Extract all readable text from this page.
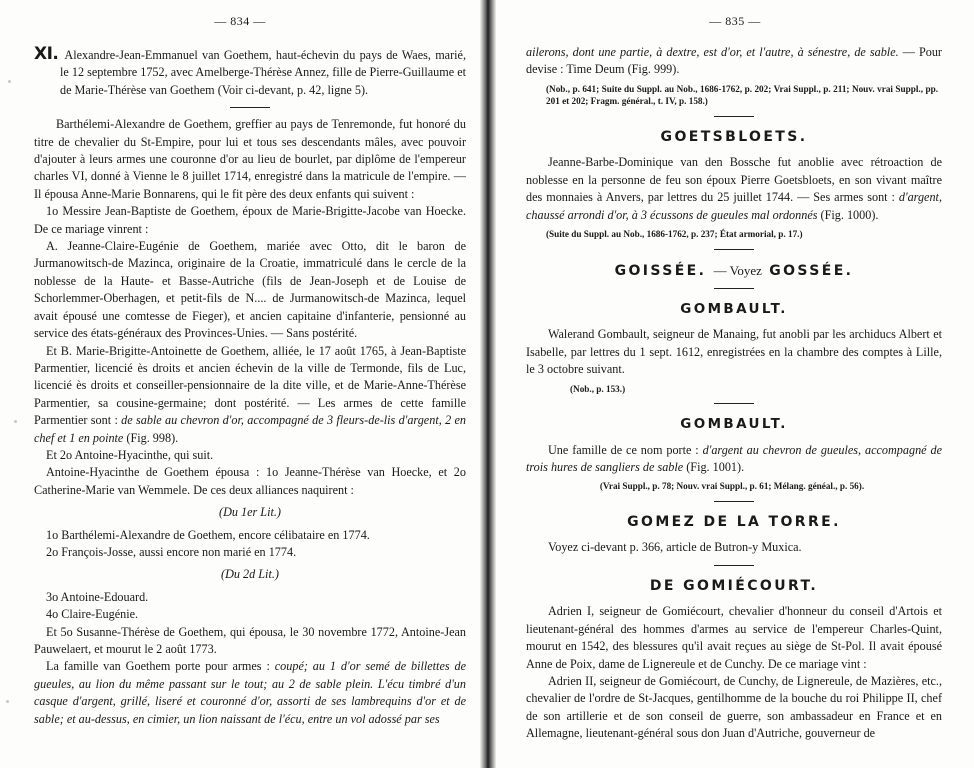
— 834 —

XI. Alexandre-Jean-Emmanuel van Goethem, haut-échevin du pays de Waes, marié, le 12 septembre 1752, avec Amelberge-Thérèse Annez, fille de Pierre-Guillaume et de Marie-Thérèse van Goethem (Voir ci-devant, p. 42, ligne 5).

Barthélemi-Alexandre de Goethem, greffier au pays de Tenremonde, fut honoré du titre de chevalier du St-Empire, pour lui et tous ses descendants mâles, avec pouvoir d'ajouter à leurs armes une couronne d'or au lieu de bourlet, par diplôme de l'empereur charles VI, donné à Vienne le 8 juillet 1714, enregistré dans la matricule de l'empire. — Il épousa Anne-Marie Bonnarens, qui le fit père des deux enfants qui suivent :

1o Messire Jean-Baptiste de Goethem, époux de Marie-Brigitte-Jacobe van Hoecke. De ce mariage vinrent :

A. Jeanne-Claire-Eugénie de Goethem, mariée avec Otto, dit le baron de Jurmanowitsch-de Mazinca, originaire de la Croatie, immatriculé dans le cercle de la noblesse de la Haute- et Basse-Autriche (fils de Jean-Joseph et de Louise de Schorlemmer-Oberhagen, et petit-fils de N.... de Jurmanowitsch-de Mazinca, lequel avait épousé une comtesse de Fieger), et ancien capitaine d'infanterie, pensionné au service des états-généraux des Provinces-Unies. — Sans postérité.

Et B. Marie-Brigitte-Antoinette de Goethem, alliée, le 17 août 1765, à Jean-Baptiste Parmentier, licencié ès droits et ancien échevin de la ville de Termonde, fils de Luc, licencié ès droits et conseiller-pensionnaire de la dite ville, et de Marie-Anne-Thérèse Parmentier, sa cousine-germaine; dont postérité. — Les armes de cette famille Parmentier sont : de sable au chevron d'or, accompagné de 3 fleurs-de-lis d'argent, 2 en chef et 1 en pointe (Fig. 998).

Et 2o Antoine-Hyacinthe, qui suit.

Antoine-Hyacinthe de Goethem épousa : 1o Jeanne-Thérèse van Hoecke, et 2o Catherine-Marie van Wemmele. De ces deux alliances naquirent :

(Du 1er Lit.)

1o Barthélemi-Alexandre de Goethem, encore célibataire en 1774.

2o François-Josse, aussi encore non marié en 1774.

(Du 2d Lit.)

3o Antoine-Edouard.

4o Claire-Eugénie.

Et 5o Susanne-Thérèse de Goethem, qui épousa, le 30 novembre 1772, Antoine-Jean Pauwelaert, et mourut le 2 août 1773.

La famille van Goethem porte pour armes : coupé; au 1 d'or semé de billettes de gueules, au lion du même passant sur le tout; au 2 de sable plein. L'écu timbré d'un casque d'argent, grillé, liseré et couronné d'or, assorti de ses lambrequins d'or et de sable; et au-dessus, en cimier, un lion naissant de l'écu, entre un vol adossé par ses

— 835 —

ailerons, dont une partie, à dextre, est d'or, et l'autre, à sénestre, de sable. — Pour devise : Time Deum (Fig. 999).

(Nob., p. 641; Suite du Suppl. au Nob., 1686-1762, p. 202; Vrai Suppl., p. 211; Nouv. vrai Suppl., pp. 201 et 202; Fragm. général., t. IV, p. 158.)

GOETSBLOETS.

Jeanne-Barbe-Dominique van den Bossche fut anoblie avec rétroaction de noblesse en la personne de feu son époux Pierre Goetsbloets, en son vivant maître des monnaies à Anvers, par lettres du 25 juillet 1744. — Ses armes sont : d'argent, chaussé arrondi d'or, à 3 écussons de gueules mal ordonnés (Fig. 1000).

(Suite du Suppl. au Nob., 1686-1762, p. 237; État armorial, p. 17.)

GOISSÉE. — Voyez GOSSÉE.

GOMBAULT.

Walerand Gombault, seigneur de Manaing, fut anobli par les archiducs Albert et Isabelle, par lettres du 1 sept. 1612, enregistrées en la chambre des comptes à Lille, le 3 octobre suivant.

(Nob., p. 153.)

GOMBAULT.

Une famille de ce nom porte : d'argent au chevron de gueules, accompagné de trois hures de sangliers de sable (Fig. 1001).

(Vrai Suppl., p. 78; Nouv. vrai Suppl., p. 61; Mélang. généal., p. 56).

GOMEZ DE LA TORRE.

Voyez ci-devant p. 366, article de Butron-y Muxica.

DE GOMIÉCOURT.

Adrien I, seigneur de Gomiécourt, chevalier d'honneur du conseil d'Artois et lieutenant-général des hommes d'armes au service de l'empereur Charles-Quint, mourut en 1542, des blessures qu'il avait reçues au siège de St-Pol. Il avait épousé Anne de Poix, dame de Lignereule et de Cunchy. De ce mariage vint :

Adrien II, seigneur de Gomiécourt, de Cunchy, de Lignereule, de Mazières, etc., chevalier de l'ordre de St-Jacques, gentilhomme de la bouche du roi Philippe II, chef de son artillerie et de son conseil de guerre, son ambassadeur en France et en Allemagne, lieutenant-général sous don Juan d'Autriche, gouverneur de
